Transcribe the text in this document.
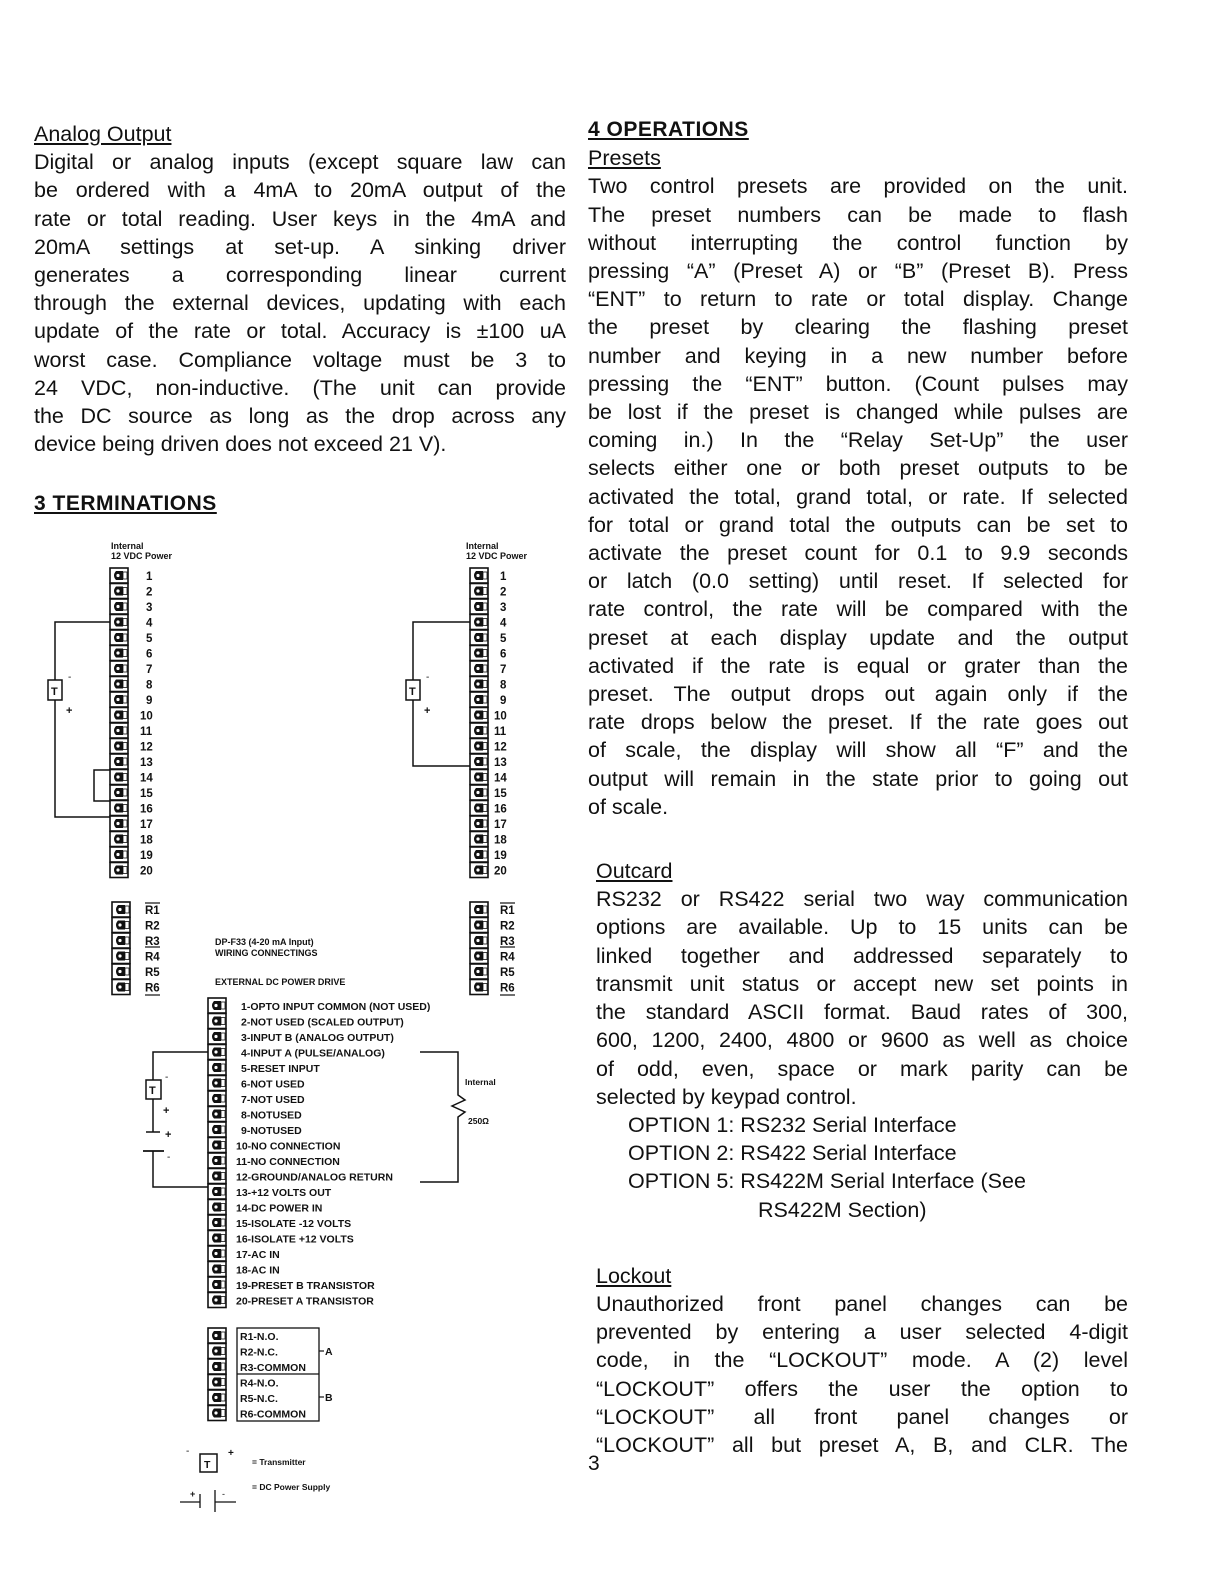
Analog Output

Digital or analog inputs (except square law can

be ordered with a 4mA to 20mA output of the

rate or total reading. User keys in the 4mA and

20mA settings at set-up. A sinking driver

generates a corresponding linear current

through the external devices, updating with each

update of the rate or total. Accuracy is ±100 uA

worst case. Compliance voltage must be 3 to

24 VDC, non-inductive. (The unit can provide

the DC source as long as the drop across any

device being driven does not exceed 21 V).

3 TERMINATIONS
Internal
12 VDC Power
1
2
3
4
5
6
7
8
9
10
11
12
13
14
15
16
17
18
19
20
T
-
+
R1
R2
R3
R4
R5
R6
Internal
12 VDC Power
1
2
3
4
5
6
7
8
9
10
11
12
13
14
15
16
17
18
19
20
T
-
+
R1
R2
R3
R4
R5
R6
DP-F33 (4-20 mA Input)
WIRING CONNECTINGS
EXTERNAL DC POWER DRIVE
1-OPTO INPUT COMMON (NOT USED)
2-NOT USED (SCALED OUTPUT)
3-INPUT B (ANALOG OUTPUT)
4-INPUT A (PULSE/ANALOG)
5-RESET INPUT
6-NOT USED
7-NOT USED
8-NOTUSED
9-NOTUSED
10-NO CONNECTION
11-NO CONNECTION
12-GROUND/ANALOG RETURN
13-+12 VOLTS OUT
14-DC POWER IN
15-ISOLATE -12 VOLTS
16-ISOLATE +12 VOLTS
17-AC IN
18-AC IN
19-PRESET B TRANSISTOR
20-PRESET A TRANSISTOR
Internal
250Ω
T
-
+
+
-
R1-N.O.
R2-N.C.
R3-COMMON
R4-N.O.
R5-N.C.
R6-COMMON
A
B
-
T
+
= Transmitter
+	-
= DC Power Supply
4 OPERATIONS
Presets

Two control presets are provided on the unit.

The preset numbers can be made to flash

without interrupting the control function by

pressing “A” (Preset A) or “B” (Preset B). Press

“ENT” to return to rate or total display. Change

the preset by clearing the flashing preset

number and keying in a new number before

pressing the “ENT” button. (Count pulses may

be lost if the preset is changed while pulses are

coming in.) In the “Relay Set-Up” the user

selects either one or both preset outputs to be

activated the total, grand total, or rate. If selected

for total or grand total the outputs can be set to

activate the preset count for 0.1 to 9.9 seconds

or latch (0.0 setting) until reset. If selected for

rate control, the rate will be compared with the

preset at each display update and the output

activated if the rate is equal or grater than the

preset. The output drops out again only if the

rate drops below the preset. If the rate goes out

of scale, the display will show all “F” and the

output will remain in the state prior to going out

of scale.

Outcard

RS232 or RS422 serial two way communication

options are available. Up to 15 units can be

linked together and addressed separately to

transmit unit status or accept new set points in

the standard ASCII format. Baud rates of 300,

600, 1200, 2400, 4800 or 9600 as well as choice

of odd, even, space or mark parity can be

selected by keypad control.

OPTION 1: RS232 Serial Interface
OPTION 2: RS422 Serial Interface
OPTION 5: RS422M Serial Interface (See
RS422M Section)
Lockout

Unauthorized front panel changes can be

prevented by entering a user selected 4-digit

code, in the “LOCKOUT” mode. A (2) level

“LOCKOUT” offers the user the option to

“LOCKOUT” all front panel changes or

“LOCKOUT” all but preset A, B, and CLR. The

3
